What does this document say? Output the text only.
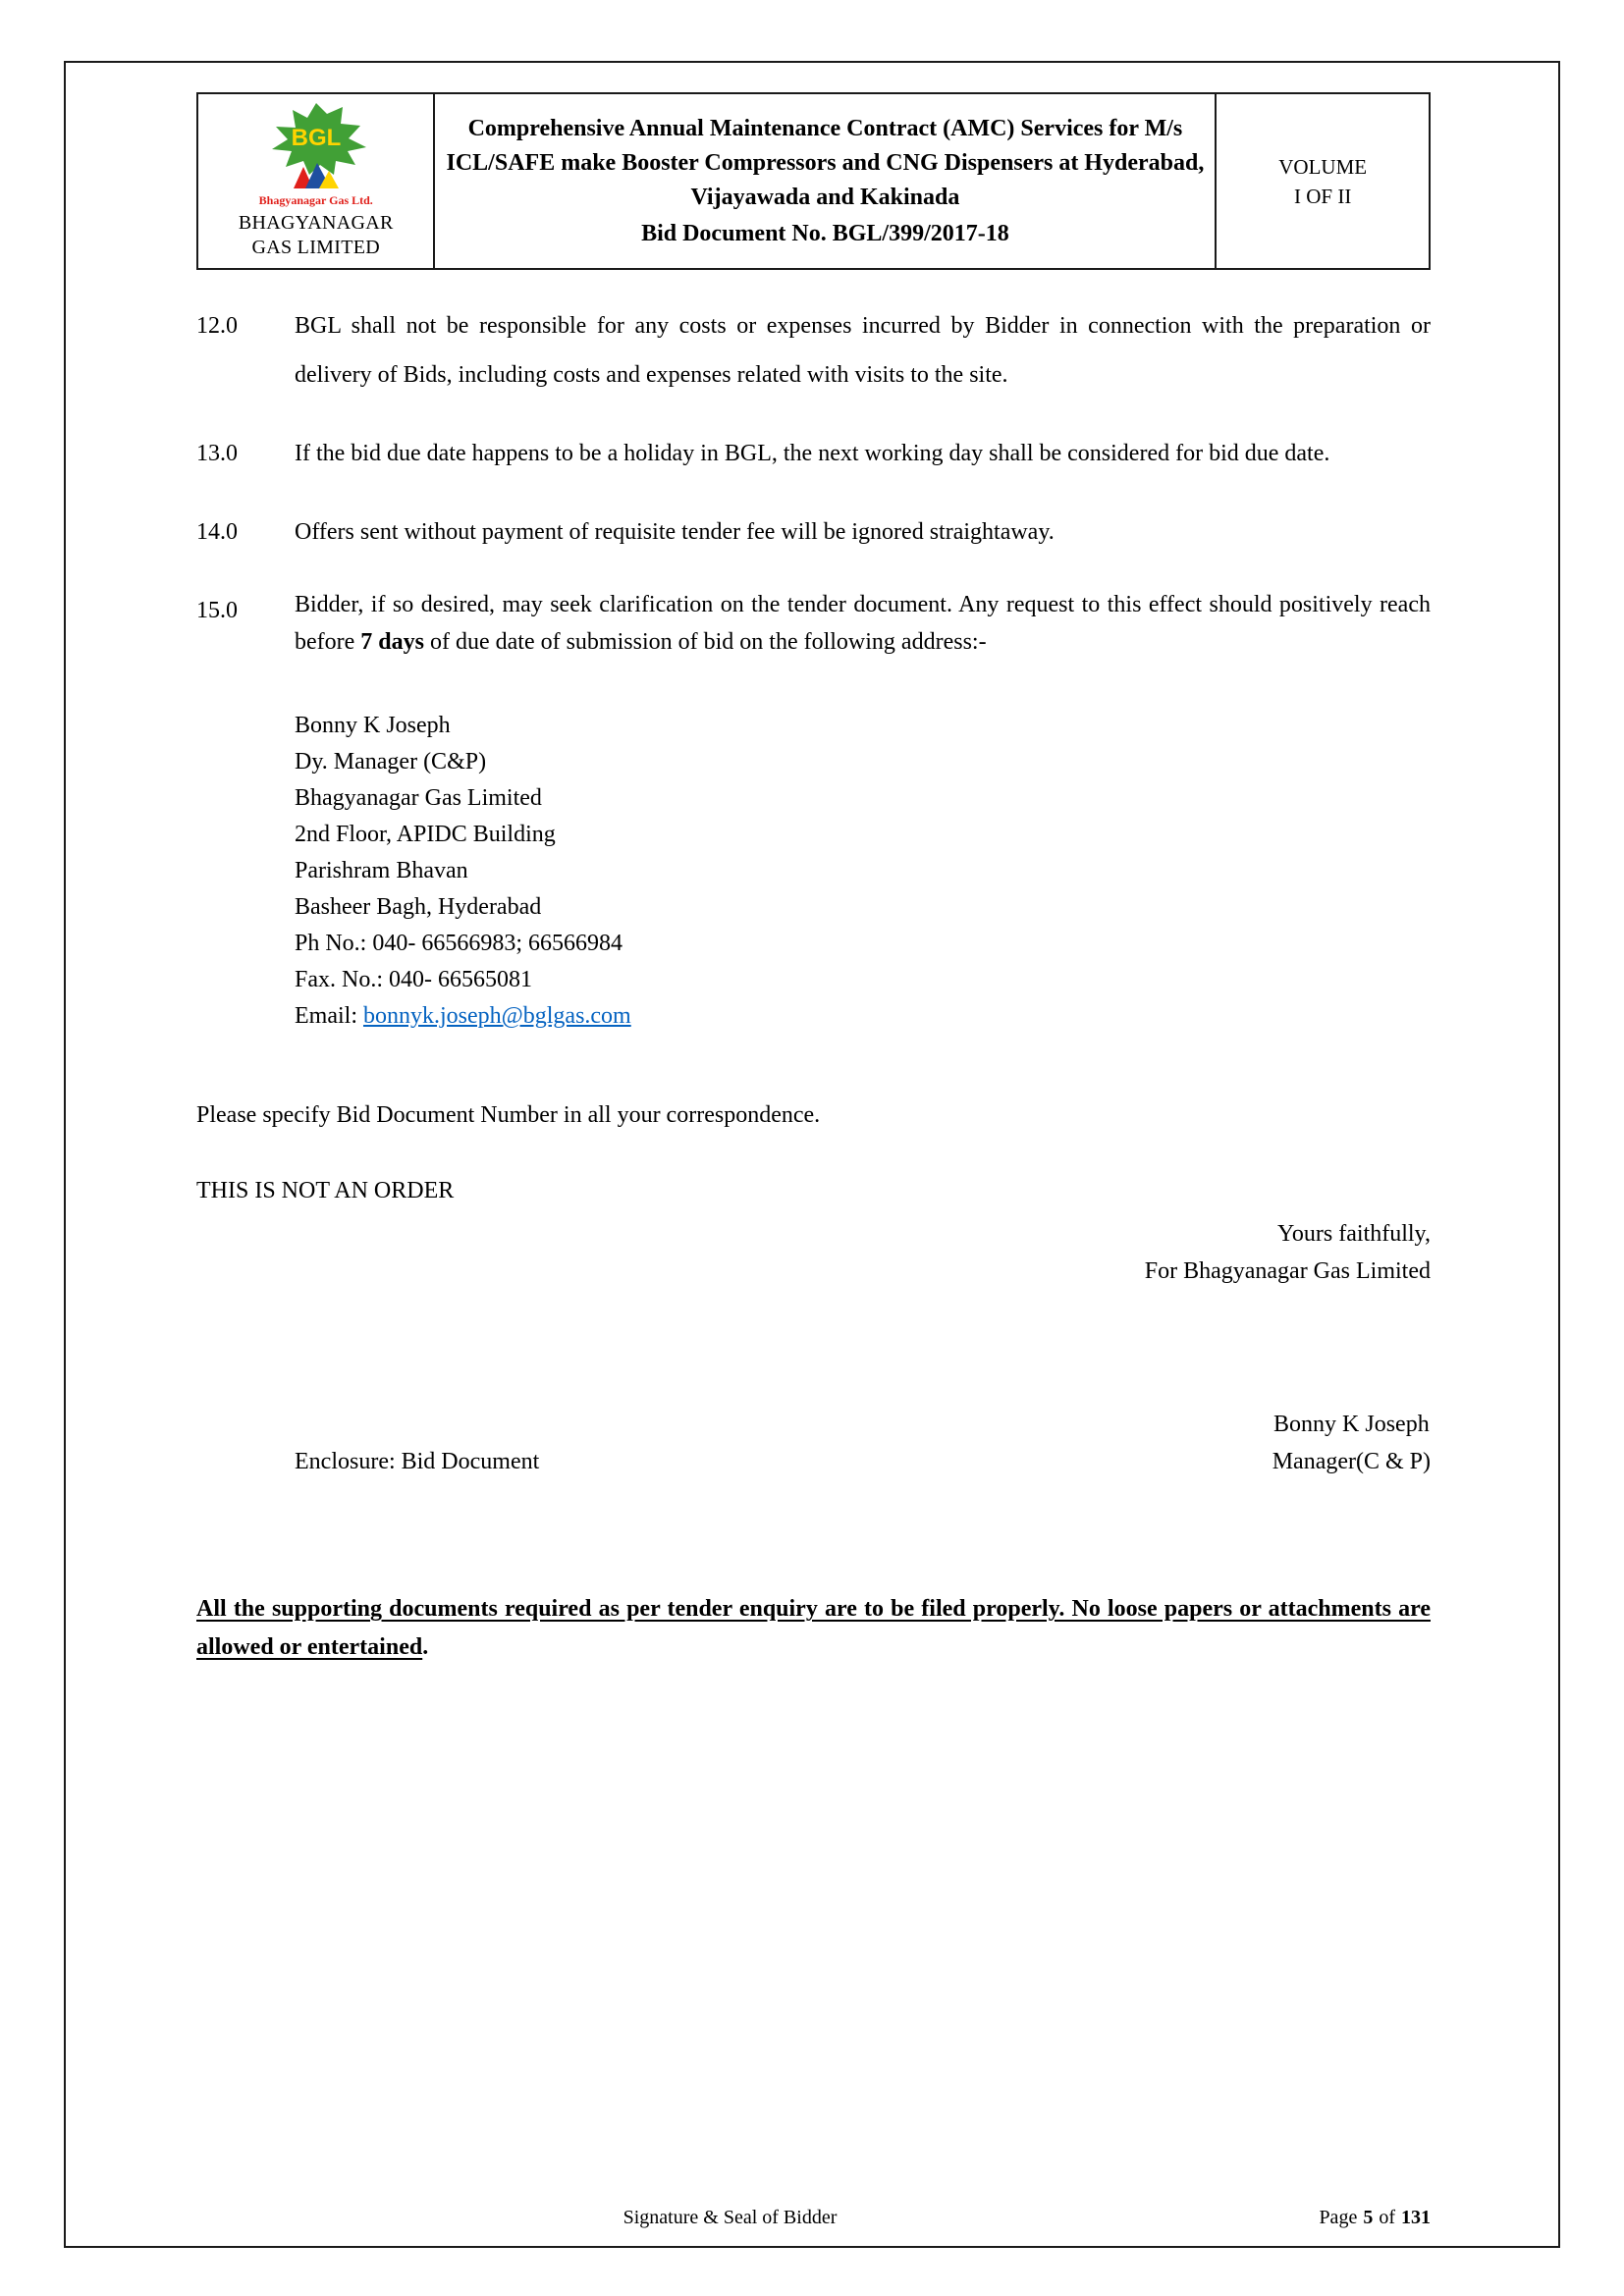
BGL
Bhagyanagar Gas Ltd.
BHAGYANAGAR
GAS LIMITED
	Comprehensive Annual Maintenance Contract (AMC) Services for M/s ICL/SAFE make Booster Compressors and CNG Dispensers at Hyderabad, Vijayawada and Kakinada
Bid Document No. BGL/399/2017-18

VOLUME
I OF II
12.0	BGL shall not be responsible for any costs or expenses incurred by Bidder in connection with the preparation or delivery of Bids, including costs and expenses related with visits to the site.

13.0	If the bid due date happens to be a holiday in BGL, the next working day shall be considered for bid due date.

14.0	Offers sent without payment of requisite tender fee will be ignored straightaway.

15.0	Bidder, if so desired, may seek clarification on the tender document. Any request to this effect should positively reach before 7 days of due date of submission of bid on the following address:-

Bonny K Joseph
Dy. Manager (C&P)
Bhagyanagar Gas Limited
2nd Floor, APIDC Building
Parishram Bhavan
Basheer Bagh, Hyderabad
Ph No.: 040- 66566983; 66566984
Fax. No.: 040- 66565081
Email: bonnyk.joseph@bglgas.com
Please specify Bid Document Number in all your correspondence.
THIS IS NOT AN ORDER
Yours faithfully,
For Bhagyanagar Gas Limited
Enclosure: Bid Document
Bonny K Joseph
Manager(C & P)

All the supporting documents required as per tender enquiry are to be filed properly. No loose papers or attachments are allowed or entertained.

Signature & Seal of Bidder	Page 5 of 131
